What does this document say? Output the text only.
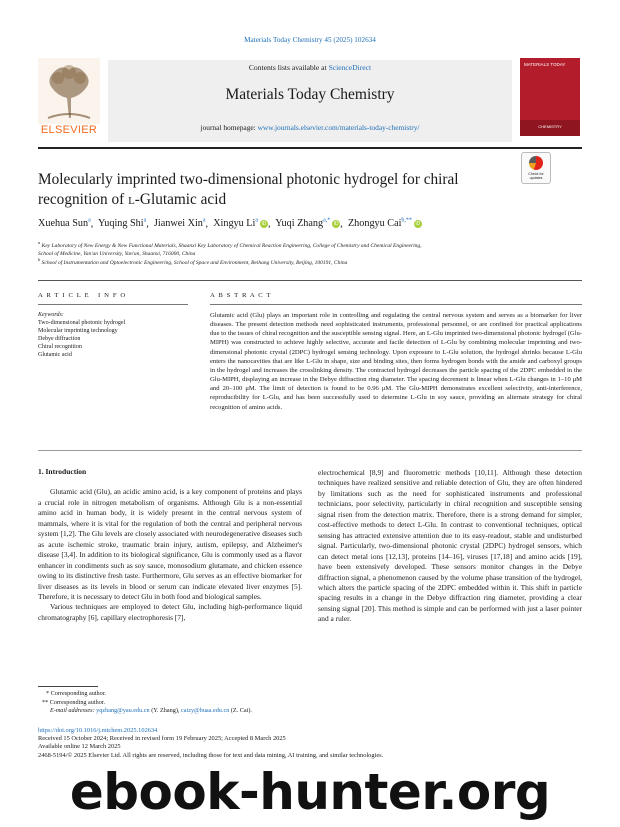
Materials Today Chemistry 45 (2025) 102634
ELSEVIER
Contents lists available at ScienceDirect
Materials Today Chemistry
journal homepage: www.journals.elsevier.com/materials-today-chemistry/
MATERIALS TODAY
CHEMISTRY
Molecularly imprinted two-dimensional photonic hydrogel for chiral
recognition of l-Glutamic acid
Check for
updates
Xuehua Sun$^a$,  Yuqing Shi$^a$,  Jianwei Xin$^a$,  Xingyu Li$^a$iD ,  Yuqi Zhang$^{a,*}$iD ,  Zhongyu Cai$^{b,**}$iD
$^a$ Key Laboratory of New Energy & New Functional Materials, Shaanxi Key Laboratory of Chemical Reaction Engineering, College of Chemistry and Chemical Engineering,
School of Medicine, Yan'an University, Yan'an, Shaanxi, 716000, China
$^b$ School of Instrumentation and Optoelectronic Engineering, School of Space and Environment, Beihang University, Beijing, 100191, China
A R T I C L E   I N F O	A B S T R A C T
Keywords:
Two-dimensional photonic hydrogel
Molecular imprinting technology
Debye diffraction
Chiral recognition
Glutamic acid
Glutamic acid (Glu) plays an important role in controlling and regulating the central nervous system and serves as a biomarker for liver diseases. The present detection methods need sophisticated instruments, professional personnel, or are confined for practical applications due to the issues of chiral recognition and the susceptible sensing signal. Here, an L-Glu imprinted two-dimensional photonic hydrogel (Glu-MIPH) was constructed to achieve highly selective, accurate and facile detection of L-Glu by combining molecular imprinting and two-dimensional photonic crystal (2DPC) hydrogel sensing technology. Upon exposure to L-Glu solution, the hydrogel shrinks because L-Glu enters the nanocavities that are like L-Glu in shape, size and binding sites, then forms hydrogen bonds with the amide and carboxyl groups in the hydrogel and increases the crosslinking density. The contracted hydrogel decreases the particle spacing of the 2DPC embedded in the Glu-MIPH, displaying an increase in the Debye diffraction ring diameter. The spacing decrement is linear when L-Glu changes in 1–10 μM and 20–100 μM. The limit of detection is found to be 0.96 μM. The Glu-MIPH demonstrates excellent selectivity, anti-interference, reproducibility for L-Glu, and has been successfully used to determine L-Glu in soy sauce, providing an alternate strategy for chiral recognition of amino acids.
1. Introduction

Glutamic acid (Glu), an acidic amino acid, is a key component of proteins and plays a crucial role in nitrogen metabolism of organisms. Although Glu is a non-essential amino acid in human body, it is widely present in the central nervous system of mammals, where it is vital for the regulation of both the central and peripheral nervous system [1,2]. The Glu levels are closely associated with neurodegenerative diseases such as acute ischemic stroke, traumatic brain injury, autism, epilepsy, and Alzheimer's disease [3,4]. In addition to its biological significance, Glu is commonly used as a flavor enhancer in condiments such as soy sauce, monosodium glutamate, and chicken essence owing to its distinctive fresh taste. Furthermore, Glu serves as an effective biomarker for liver diseases as its levels in blood or serum can indicate elevated liver enzymes [5]. Therefore, it is necessary to detect Glu in both food and biological samples.

Various techniques are employed to detect Glu, including high-performance liquid chromatography [6], capillary electrophoresis [7],

electrochemical [8,9] and fluorometric methods [10,11]. Although these detection techniques have realized sensitive and reliable detection of Glu, they are often hindered by limitations such as the need for sophisticated instruments and professional technicians, poor selectivity, particularly in chiral recognition and susceptible sensing signal risen from the detection matrix. Therefore, there is a strong demand for simpler, cost-effective methods to detect L-Glu. In contrast to conventional techniques, optical sensing has attracted extensive attention due to its easy-readout, stable and undisturbed signal. Particularly, two-dimensional photonic crystal (2DPC) hydrogel sensors, which can detect metal ions [12,13], proteins [14–16], viruses [17,18] and amino acids [19], have been extensively developed. These sensors monitor changes in the Debye diffraction signal, a phenomenon caused by the volume phase transition of the hydrogel, which alters the particle spacing of the 2DPC embedded within it. This shift in particle spacing results in a change in the Debye diffraction ring diameter, providing a clear sensing signal [20]. This method is simple and can be performed with just a laser pointer and a ruler.

* Corresponding author.
** Corresponding author.
E-mail addresses: yqzhang@yau.edu.cn (Y. Zhang), caizy@buaa.edu.cn (Z. Cai).
https://doi.org/10.1016/j.mtchem.2025.102634
Received 15 October 2024; Received in revised form 19 February 2025; Accepted 8 March 2025
Available online 12 March 2025
2468-5194/© 2025 Elsevier Ltd. All rights are reserved, including those for text and data mining, AI training, and similar technologies.
ebook-hunter.org
